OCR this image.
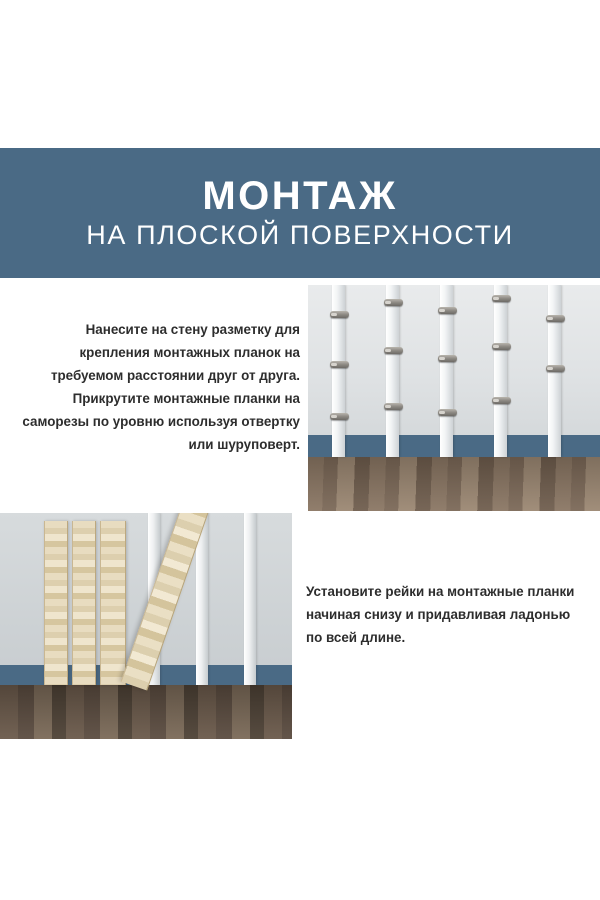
МОНТАЖ
НА ПЛОСКОЙ ПОВЕРХНОСТИ
Нанесите на стену разметку для крепления монтажных планок на требуемом расстоянии друг от друга. Прикрутите монтажные планки на саморезы по уровню используя отвертку или шуруповерт.
Установите рейки на монтажные планки начиная снизу и придавливая ладонью по всей длине.
